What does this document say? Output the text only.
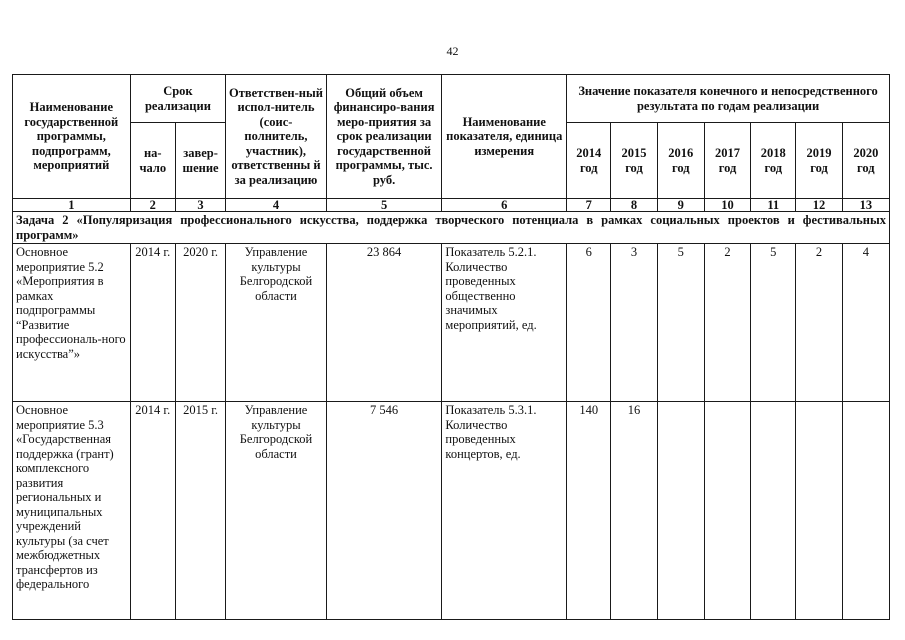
42
Наименование государственной программы, подпрограмм, мероприятий	Срок реализации		Ответствен-ный испол-нитель (соис-полнитель, участник), ответственны й за реализацию	Общий объем финансиро-вания меро-приятия за срок реализации государственной программы, тыс. руб.	Наименование показателя, единица измерения	Значение показателя конечного и непосредственного результата по годам реализации						
	на-чало	завер-шение				2014 год	2015 год	2016 год	2017 год	2018 год	2019 год	2020 год
1	2	3	4	5	6	7	8	9	10	11	12	13
Задача 2 «Популяризация профессионального искусства, поддержка творческого потенциала в рамках социальных проектов и фестивальных программ»												
Основное мероприятие 5.2 «Мероприятия в рамках подпрограммы “Развитие профессиональ-ного искусства”»	2014 г.	2020 г.	Управление культуры Белгородской области	23 864	Показатель 5.2.1. Количество проведенных общественно значимых мероприятий, ед.	6	3	5	2	5	2	4
Основное мероприятие 5.3 «Государственная поддержка (грант) комплексного развития региональных и муниципальных учреждений культуры (за счет межбюджетных трансфертов из федерального	2014 г.	2015 г.	Управление культуры Белгородской области	7 546	Показатель 5.3.1. Количество проведенных концертов, ед.	140	16					
